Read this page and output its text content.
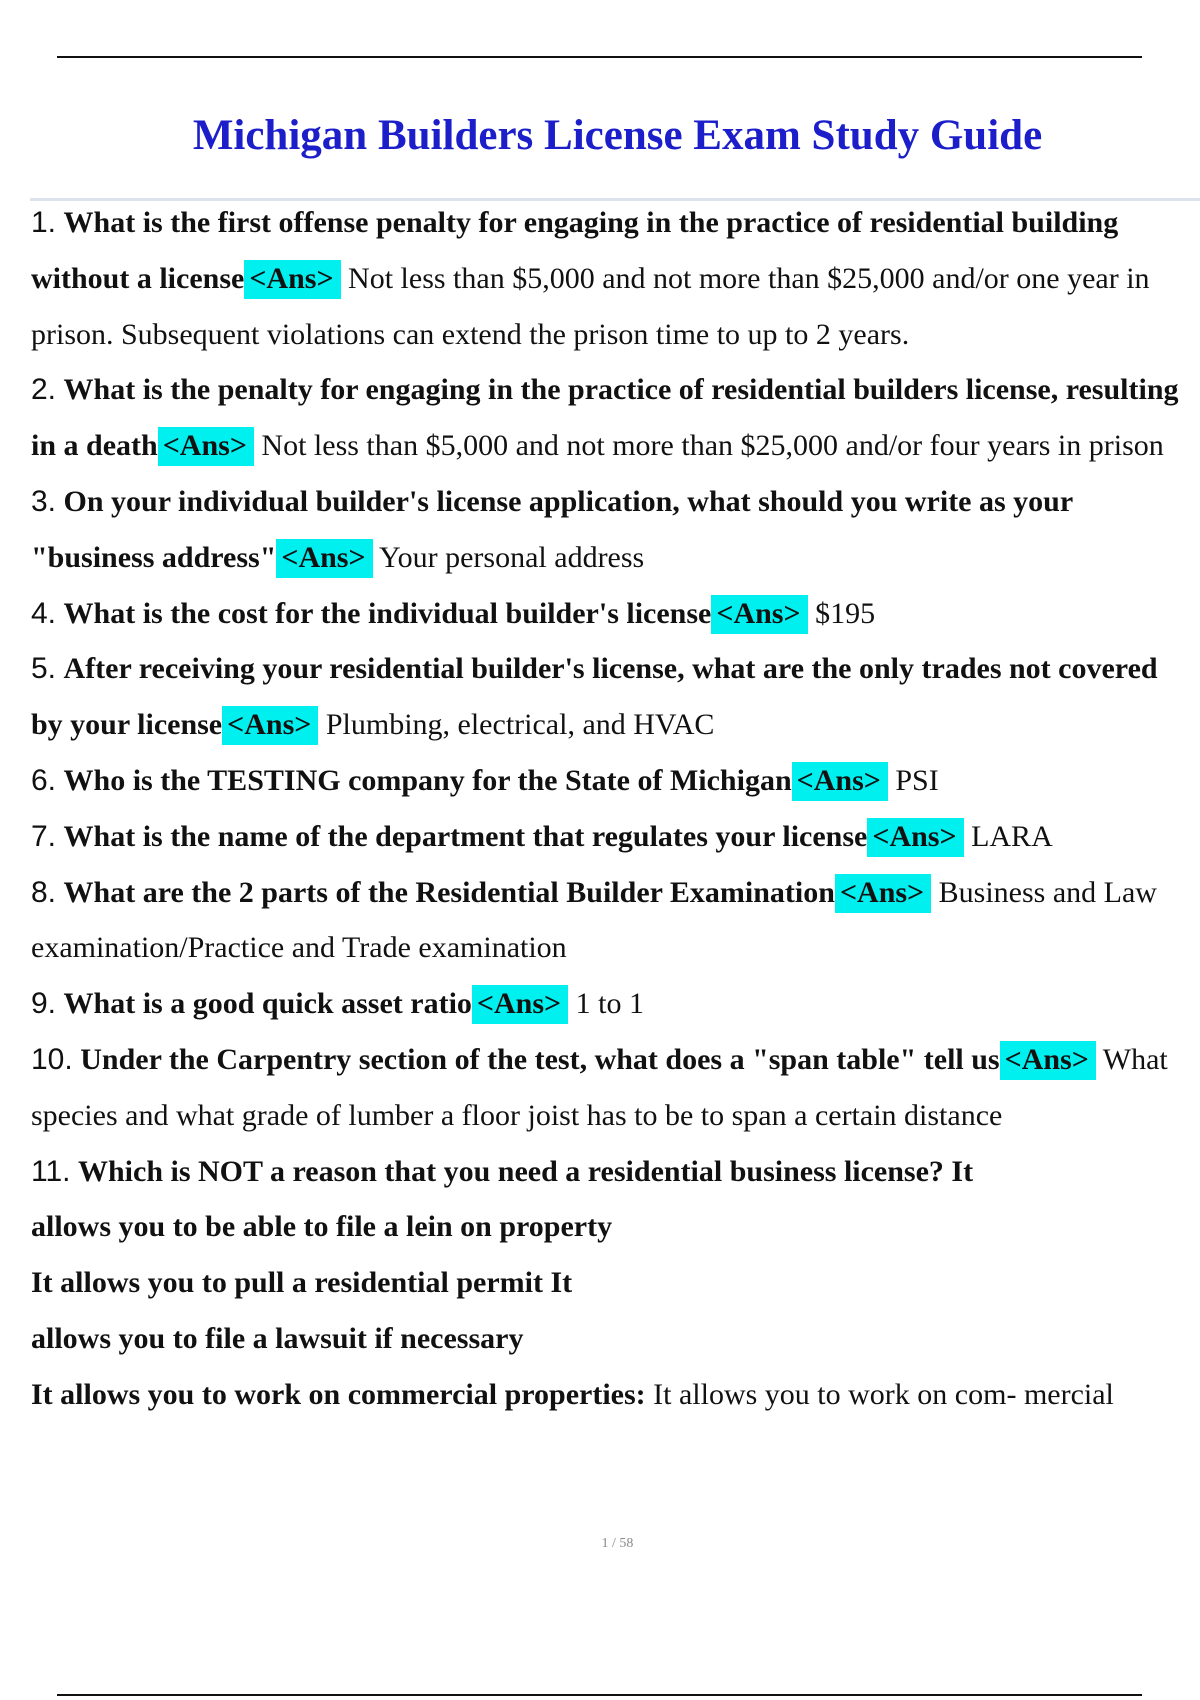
Michigan Builders License Exam Study Guide
1. What is the first offense penalty for engaging in the practice of residential building without a license <Ans> Not less than $5,000 and not more than $25,000 and/or one year in prison. Subsequent violations can extend the prison time to up to 2 years.
2. What is the penalty for engaging in the practice of residential builders license, resulting in a death <Ans> Not less than $5,000 and not more than $25,000 and/or four years in prison
3. On your individual builder's license application, what should you write as your "business address" <Ans> Your personal address
4. What is the cost for the individual builder's license <Ans> $195
5. After receiving your residential builder's license, what are the only trades not covered by your license <Ans> Plumbing, electrical, and HVAC
6. Who is the TESTING company for the State of Michigan <Ans> PSI
7. What is the name of the department that regulates your license <Ans> LARA
8. What are the 2 parts of the Residential Builder Examination <Ans> Business and Law examination/Practice and Trade examination
9. What is a good quick asset ratio <Ans> 1 to 1
10. Under the Carpentry section of the test, what does a "span table" tell us <Ans> What species and what grade of lumber a floor joist has to be to span a certain distance
11. Which is NOT a reason that you need a residential business license? It
allows you to be able to file a lein on property
It allows you to pull a residential permit It
allows you to file a lawsuit if necessary
It allows you to work on commercial properties: It allows you to work on com- mercial
1 / 58
